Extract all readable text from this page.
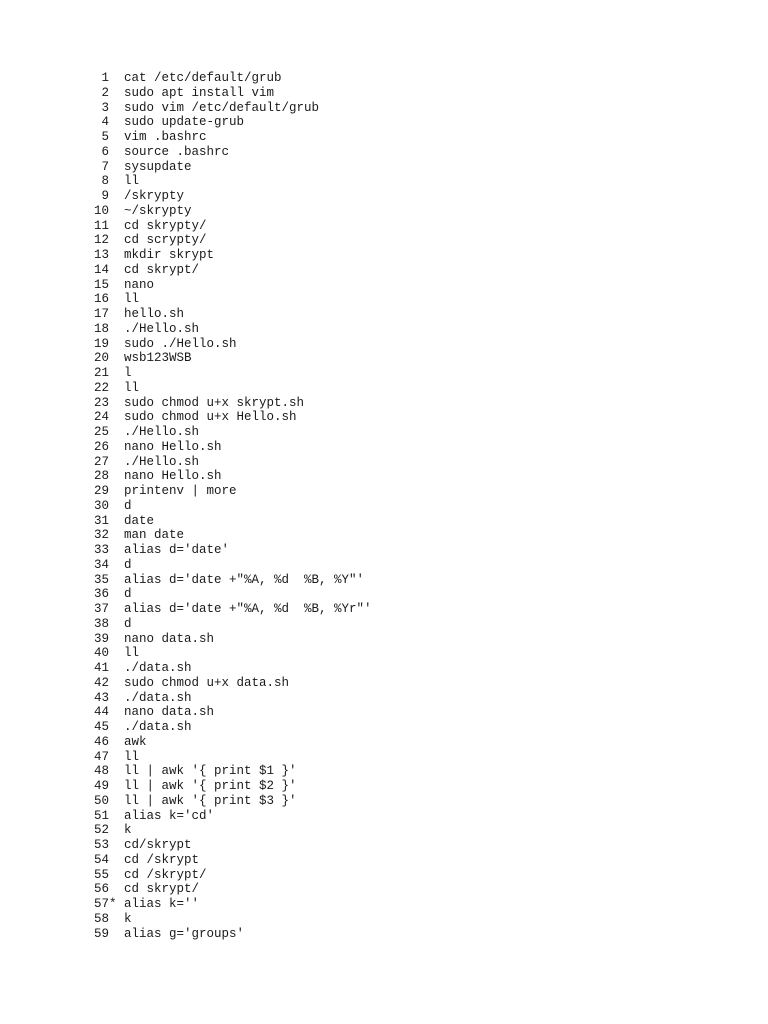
1 cat /etc/default/grub
2 sudo apt install vim
3 sudo vim /etc/default/grub
4 sudo update-grub
5 vim .bashrc
6 source .bashrc
7 sysupdate
8 ll
9 /skrypty
10 ~/skrypty
11 cd skrypty/
12 cd scrypty/
13 mkdir skrypt
14 cd skrypt/
15 nano
16 ll
17 hello.sh
18 ./Hello.sh
19 sudo ./Hello.sh
20 wsb123WSB
21 l
22 ll
23 sudo chmod u+x skrypt.sh
24 sudo chmod u+x Hello.sh
25 ./Hello.sh
26 nano Hello.sh
27 ./Hello.sh
28 nano Hello.sh
29 printenv | more
30 d
31 date
32 man date
33 alias d='date'
34 d
35 alias d='date +"%A, %d  %B, %Y"'
36 d
37 alias d='date +"%A, %d  %B, %Yr"'
38 d
39 nano data.sh
40 ll
41 ./data.sh
42 sudo chmod u+x data.sh
43 ./data.sh
44 nano data.sh
45 ./data.sh
46 awk
47 ll
48 ll | awk '{ print $1 }'
49 ll | awk '{ print $2 }'
50 ll | awk '{ print $3 }'
51 alias k='cd'
52 k
53 cd/skrypt
54 cd /skrypt
55 cd /skrypt/
56 cd skrypt/
57 * alias k=''
58 k
59 alias g='groups'
